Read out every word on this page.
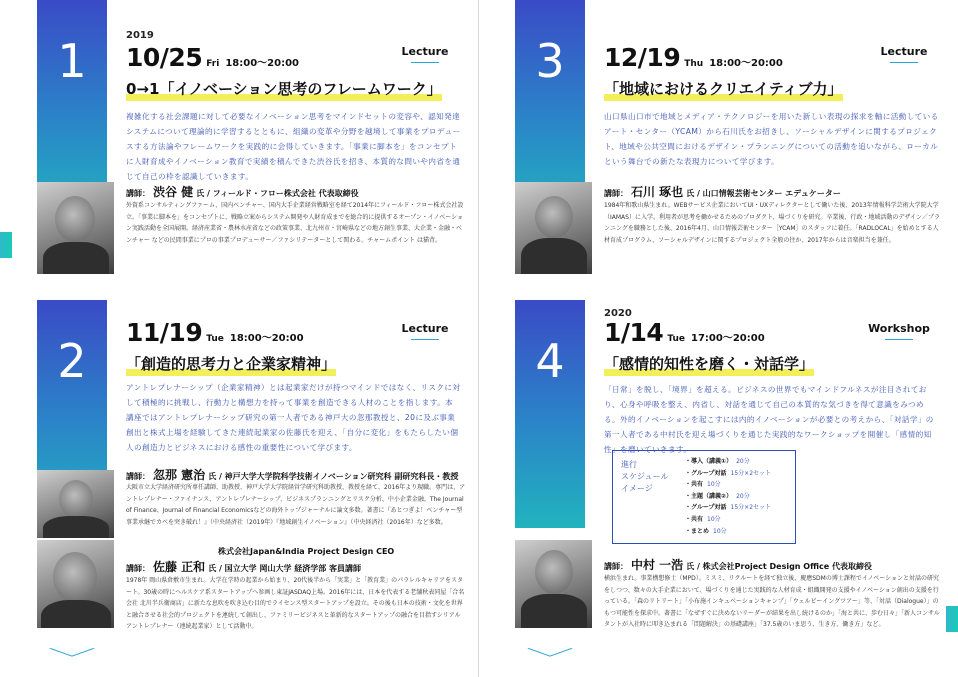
1	2019
10/25 Fri 18:00～20:00
Lecture
0→1「イノベーション思考のフレームワーク」
複雑化する社会課題に対して必要なイノベーション思考をマインドセットの変容や、認知発達システムについて理論的に学習するとともに、組織の変革や分野を越境して事業をプロデュースする方法論やフレームワークを実践的に会得していきます。「事業に脚本を」をコンセプトに人財育成やイノベーション教育で実績を積んできた渋谷氏を招き、本質的な問いや内省を通じて自己の枠を認識していきます。
講師： 渋谷 健 氏 / フィールド・フロー株式会社 代表取締役
外資系コンサルティングファーム、国内ベンチャー、国内大手企業経営戦略室を経て2014年にフィールド・フロー株式会社設立。「事業に脚本を」をコンセプトに、戦略立案からシステム開発や人財育成までを総合的に提供するオープン・イノベーション実践活動を全国展開。経済産業省・農林水産省などの政策事業、北九州市・宮崎県などの地方創生事業、大企業・金融・ベンチャー などの民間事業にプロの事業プロデューサー／ファシリテーターとして関わる。チャームポイント は猫背。
2
﹀
11/19 Tue 18:00～20:00
Lecture
「創造的思考力と企業家精神」
アントレプレナーシップ（企業家精神）とは起業家だけが持つマインドではなく、リスクに対して積極的に挑戦し、行動力と構想力を持って事業を創造できる人材のことを指します。本講座ではアントレプレナーシップ研究の第一人者である神戸大の忽那教授と、20に及ぶ事業創出と株式上場を経験してきた連続起業家の佐藤氏を迎え、「自分に変化」をもたらしたい個人の創造力とビジネスにおける感性の重要性について学びます。
講師： 忽那 憲治 氏 / 神戸大学大学院科学技術イノベーション研究科 副研究科長・教授
大阪市立大学経済研究所専任講師、助教授、神戸大学大学院経営学研究科助教授、教授を経て、2016年より現職。専門は、アントレプレナー・ファイナンス、アントレプレナーシップ、ビジネスプランニングとリスク分析、中小企業金融。The Journal of Finance、Journal of Financial Economicsなどの海外トップジャーナルに論文多数。著書に『あとつぎよ！ベンチャー型事業承継でカベを突き破れ！』（中央経済社（2019年）『地域創生イノベーション』（中央経済社（2016年）など多数。
株式会社Japan&India Project Design CEO
講師： 佐藤 正和 氏 / 国立大学 岡山大学 経済学部 客員講師
1978年 岡山県倉敷市生まれ。大学在学時の起業から始まり、20代後半から「実業」と「教育業」のパラレルキャリアをスタート。30歳の時にヘルスケア系スタートアップへ参画し東証JASDAQ上場。2016年には、日本を代表する老舗秋表同屋「合名会社 北川半兵衛商店」に新たな息吹を吹き込む目的でライセンス型スタートアップを設立。その後も日本の技術・文化を世界と融合させる社会的プロジェクトを連続して創出し、ファミリービジネスと革新的なスタートアップの融合を目指すシリアルアントレプレナー（連続起業家）として活動中。
3	12/19 Thu 18:00～20:00
Lecture
「地域におけるクリエイティブ力」
山口県山口市で地域とメディア・テクノロジーを用いた新しい表現の探求を軸に活動しているアート・センター（YCAM）から石川氏をお招きし、ソーシャルデザインに関するプロジェクト、地域や公共空間におけるデザイン・プランニングについての活動を追いながら、ローカルという舞台での新たな表現力について学びます。
講師： 石川 琢也 氏 / 山口情報芸術センター エデュケーター
1984年和歌山県生まれ。WEBサービス企業においてUI・UXディレクターとして働いた後、2013年情報科学芸術大学院大学（IAMAS）に入学。利用者が思考を働かせるためのプロダクト、場づくりを研究。卒業後、行政・地域活動のデザイン／プランニングを職務とした後、2016年4月、山口情報芸術センター［YCAM］のスタッフに着任。「RADLOCAL」を始めとする人材育成プログラム、ソーシャルデザインに関するプロジェクト全般の往か、2017年からは音楽担当を兼任。
4
﹀
2020
1/14 Tue 17:00～20:00
Workshop
「感情的知性を磨く・対話学」
「日常」を脱し、「境界」を超える。ビジネスの世界でもマインドフルネスが注目されており、心身や呼吸を整え、内省し、対話を通じて自己の本質的な気づきを得て意識をみつめる。外的イノベーションを起こすには内的イノベーションが必要との考えから、「対話学」の第一人者である中村氏を迎え場づくりを通じた実践的なワークショップを開催し「感情的知性」を磨いていきます。
進行
スケジュール
イメージ
・導入（講義①） 20分
・グループ対話 15分×2セット
・共有 10分
・主題（講義②） 20分
・グループ対話 15分×2セット
・共有 10分
・まとめ 10分
講師： 中村 一浩 氏 / 株式会社Project Design Office 代表取締役
横浜生まれ。事業構想修士（MPD）。ミスミ、リクルートを経て独立後、慶應SDMの博士課程でイノベーションと対話の研究をしつつ、数々の大手企業において、場づくりを通じた実践的な人材育成・組織開発の支援やイノベーション創出の支援を行っている。「森のリトリート」「小布施インキュベーションキャンプ」「ウェルビーイングツアー」等、「対話（Dialogue）」のもつ可能性を探求中。著書に「なぜすぐに決めないリーダーが結果を出し続けるのか」「海と共に、歩む日々」「新人コンサルタントが入社時に叩き込まれる「問題解決」の基礎講座」「37.5歳のいま思う、生き方、働き方」など。
